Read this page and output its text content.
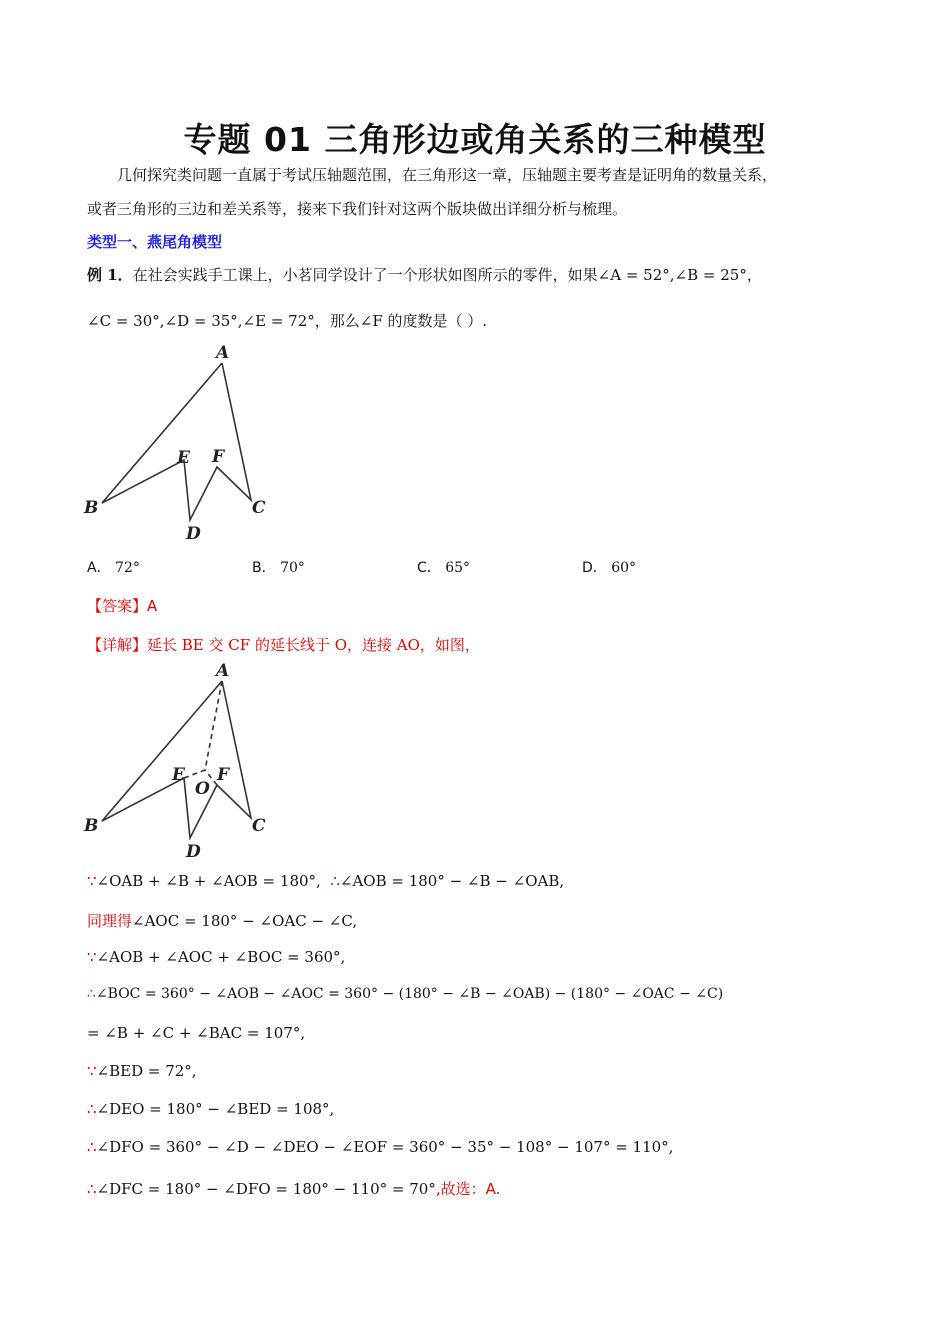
专题 01 三角形边或角关系的三种模型
几何探究类问题一直属于考试压轴题范围，在三角形这一章，压轴题主要考查是证明角的数量关系，
或者三角形的三边和差关系等，接来下我们针对这两个版块做出详细分析与梳理。
类型一、燕尾角模型
例 1．在社会实践手工课上，小茗同学设计了一个形状如图所示的零件，如果∠A = 52°,∠B = 25°，
∠C = 30°,∠D = 35°,∠E = 72°，那么∠F 的度数是（ ）.
A
B	C
D
E F
A． 72°	B． 70°	C． 65°	D． 60°
【答案】A
【详解】延长 BE 交 CF 的延长线于 O，连接 AO，如图，
A
B	C
D
E F
O
∵∠OAB + ∠B + ∠AOB = 180°, ∴∠AOB = 180° − ∠B − ∠OAB,
同理得∠AOC = 180° − ∠OAC − ∠C,
∵∠AOB + ∠AOC + ∠BOC = 360°,
∴∠BOC = 360° − ∠AOB − ∠AOC = 360° − (180° − ∠B − ∠OAB) − (180° − ∠OAC − ∠C)
= ∠B + ∠C + ∠BAC = 107°,
∵∠BED = 72°,
∴∠DEO = 180° − ∠BED = 108°,
∴∠DFO = 360° − ∠D − ∠DEO − ∠EOF = 360° − 35° − 108° − 107° = 110°,
∴∠DFC = 180° − ∠DFO = 180° − 110° = 70°,故选：A.
